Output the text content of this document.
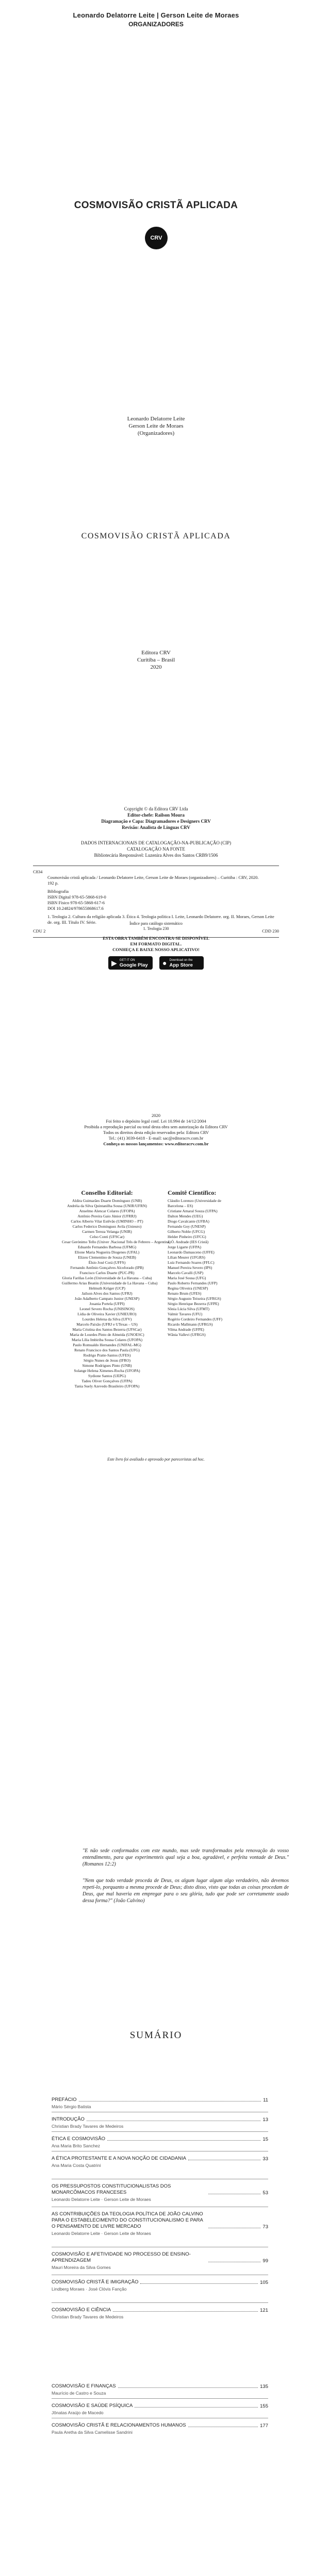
Leonardo Delatorre Leite | Gerson Leite de Moraes
ORGANIZADORES
COSMOVISÃO CRISTÃ APLICADA
CRV
Leonardo Delatorre Leite
Gerson Leite de Moraes
(Organizadores)
COSMOVISÃO CRISTÃ APLICADA
Editora CRV
Curitiba – Brasil
2020
Copyright © da Editora CRV Ltda
Editor-chefe: Railson Moura
Diagramação e Capa: Diagramadores e Designers CRV
Revisão: Analista de Línguas CRV
DADOS INTERNACIONAIS DE CATALOGAÇÃO-NA-PUBLICAÇÃO (CIP)
CATALOGAÇÃO NA FONTE
Bibliotecária Responsável: Luzenira Alves dos Santos CRB9/1506
C834
Cosmovisão cristã aplicada / Leonardo Delatorre Leite, Gerson Leite de Moraes (organizadores) – Curitiba : CRV, 2020.
192 p.
Bibliografia
ISBN Digital 978-65-5868-619-0
ISBN Físico 978-65-5868-617-6
DOI 10.24824/978655868617.6
1. Teologia 2. Cultura da religião aplicada 3. Ética 4. Teologia política I. Leite, Leonardo Delatorre. org. II. Moraes, Gerson Leite de. org. III. Título IV. Série.
CDU 2	CDD 230
Índice para catálogo sistemático
1. Teologia 230
ESTA OBRA TAMBÉM ENCONTRA-SE DISPONÍVEL
EM FORMATO DIGITAL.
CONHEÇA E BAIXE NOSSO APLICATIVO!
▶ GET IT ON
Google Play ● Download on the
App Store
2020
Foi feito o depósito legal conf. Lei 10.994 de 14/12/2004
Proibida a reprodução parcial ou total desta obra sem autorização da Editora CRV
Todos os direitos desta edição reservados pela: Editora CRV
Tel.: (41) 3039-6418 - E-mail: sac@editoracrv.com.br
Conheça os nossos lançamentos: www.editoracrv.com.br
Conselho Editorial:
Aldira Guimarães Duarte Domínguez (UNB)
Andréia da Silva Quintanilha Sousa (UNIR/UFRN)
Anselmo Alencar Colares (UFOPA)
Antônio Pereira Gaio Júnior (UFRRJ)
Carlos Alberto Vilar Estêvão (UMINHO – PT)
Carlos Federico Dominguez Avila (Unieuro)
Carmen Tereza Velanga (UNIR)
Celso Conti (UFSCar)
Cesar Gerónimo Tello (Univer .Nacional Três de Febrero – Argentina)
Eduardo Fernandes Barbosa (UFMG)
Elione Maria Nogueira Diogenes (UFAL)
Elizeu Clementino de Souza (UNEB)
Élsio José Corá (UFFS)
Fernando Antônio Gonçalves Alcoforado (IPB)
Francisco Carlos Duarte (PUC-PR)
Gloria Fariñas León (Universidade de La Havana – Cuba)
Guillermo Arias Beatón (Universidade de La Havana – Cuba)
Helmuth Krüger (UCP)
Jailson Alves dos Santos (UFRJ)
João Adalberto Campato Junior (UNESP)
Josania Portela (UFPI)
Leonel Severo Rocha (UNISINOS)
Lídia de Oliveira Xavier (UNIEURO)
Lourdes Helena da Silva (UFV)
Marcelo Paixão (UFRJ e UTexas – US)
Maria Cristina dos Santos Bezerra (UFSCar)
Maria de Lourdes Pinto de Almeida (UNOESC)
Maria Lília Imbiriba Sousa Colares (UFOPA)
Paulo Romualdo Hernandes (UNIFAL-MG)
Renato Francisco dos Santos Paula (UFG)
Rodrigo Pratte-Santos (UFES)
Sérgio Nunes de Jesus (IFRO)
Simone Rodrigues Pinto (UNB)
Solange Helena Ximenes-Rocha (UFOPA)
Sydione Santos (UEPG)
Tadeu Oliver Gonçalves (UFPA)
Tania Suely Azevedo Brasileiro (UFOPA)
Comitê Científico:
Cláudio Lorenzo (Universidade de
Barcelona – ES)
Cristiane Amaral Souza (UFPA)
Dalton Mendes (UEG)
Diogo Cavalcante (UFBA)
Fernando Goy (UNESP)
Gilberto Noble (UFCG)
Helder Pinheiro (UFCG)
J. Ó. Andrade (IES Cristã)
Jorge Ligarte (UFPA)
Leonardo Damasceno (UFFE)
Lílian Meurer (UFGRS)
Luiz Fernando Soares (FFLC)
Manuel Pereira Severo (IPS)
Marcelo Cavalli (USP)
Maria José Sousa (UFG)
Paulo Roberto Fernandes (UFP)
Regina Oliveira (UNESP)
Renato Brum (UFES)
Sérgio Augusto Teixeira (UFRGS)
Sérgio Henrique Bezerra (UFPE)
Sônia Lúcia Silva (UFMT)
Valmir Tavares (UFU)
Rogério Cordeiro Fernandes (UFF)
Ricardo Mallmann (UFRGS)
Vilma Andrade (UFPE)
Wânia Vallevi (UFRGS)
Este livro foi avaliado e aprovado por pareceristas ad hoc.
"E não sede conformados com este mundo, mas sede transformados pela renovação do vosso entendimento, para que experimenteis qual seja a boa, agradável, e perfeita vontade de Deus." (Romanos 12:2)
"Nem que todo verdade proceda de Deus, os algum lugar algum algo verdadeiro, não devemos repeti-lo, porquanto a mesma procede de Deus; disto disso, visto que todas as coisas procedam de Deus, que mal haveria em empregar para o seu glória, tudo que pode ser corretamente usado dessa forma?" (João Calvino)
SUMÁRIO
PREFÁCIO	11
Mário Sérgio Batista
INTRODUÇÃO	13
Christian Brady Tavares de Medeiros
ÉTICA E COSMOVISÃO	15
Ana Maria Brito Sanchez
A ÉTICA PROTESTANTE E A NOVA NOÇÃO DE CIDADANIA	33
Ana Maria Costa Quatrini
OS PRESSUPOSTOS CONSTITUCIONALISTAS DOS MONARCÔMACOS FRANCESES	53
Leonardo Delatorre Leite · Gerson Leite de Moraes
AS CONTRIBUIÇÕES DA TEOLOGIA POLÍTICA DE JOÃO CALVINO PARA O ESTABELECIMENTO DO CONSTITUCIONALISMO E PARA O PENSAMENTO DE LIVRE MERCADO	73
Leonardo Delatorre Leite · Gerson Leite de Moraes
COSMOVISÃO E AFETIVIDADE NO PROCESSO DE ENSINO-APRENDIZAGEM	99
Mauri Moreira da Silva Gomes
COSMOVISÃO CRISTÃ E IMIGRAÇÃO	105
Lindberg Moraes · José Clóvis Fanção
COSMOVISÃO E CIÊNCIA	121
Christian Brady Tavares de Medeiros
COSMOVISÃO E FINANÇAS	135
Maurício de Castro e Souza
COSMOVISÃO E SAÚDE PSÍQUICA	155
Jônatas Araújo de Macedo
COSMOVISÃO CRISTÃ E RELACIONAMENTOS HUMANOS	177
Paula Aretha da Silva Camelisse Sandrini
